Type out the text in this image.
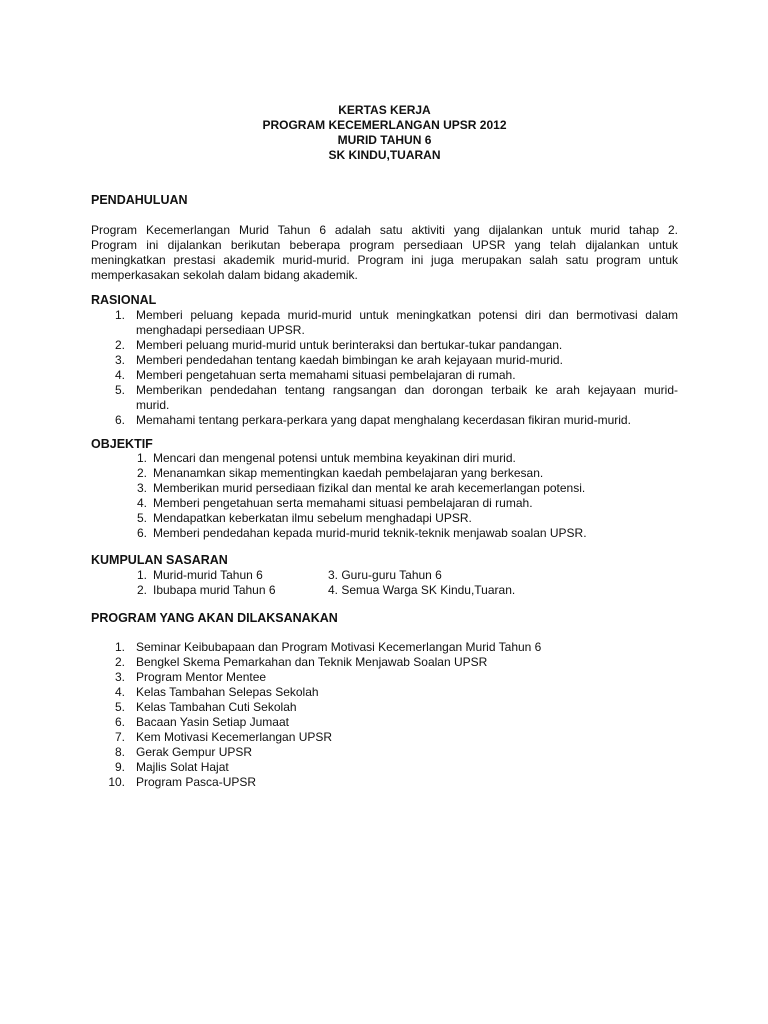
KERTAS KERJA
PROGRAM KECEMERLANGAN UPSR 2012
MURID TAHUN 6
SK KINDU,TUARAN
PENDAHULUAN
Program Kecemerlangan Murid Tahun 6 adalah satu aktiviti yang dijalankan untuk murid tahap 2.
Program ini dijalankan berikutan beberapa program persediaan UPSR yang telah dijalankan untuk
meningkatkan prestasi akademik murid-murid. Program ini juga merupakan salah satu program untuk
memperkasakan sekolah dalam bidang akademik.
RASIONAL
1. Memberi peluang kepada murid-murid untuk meningkatkan potensi diri dan bermotivasi dalam
menghadapi persediaan UPSR.
2. Memberi peluang murid-murid untuk berinteraksi dan bertukar-tukar pandangan.
3. Memberi pendedahan tentang kaedah bimbingan ke arah kejayaan murid-murid.
4. Memberi pengetahuan serta memahami situasi pembelajaran di rumah.
5. Memberikan pendedahan tentang rangsangan dan dorongan terbaik ke arah kejayaan murid-
murid.
6. Memahami tentang perkara-perkara yang dapat menghalang kecerdasan fikiran murid-murid.
OBJEKTIF
1. Mencari dan mengenal potensi untuk membina keyakinan diri murid.
2. Menanamkan sikap mementingkan kaedah pembelajaran yang berkesan.
3. Memberikan murid persediaan fizikal dan mental ke arah kecemerlangan potensi.
4. Memberi pengetahuan serta memahami situasi pembelajaran di rumah.
5. Mendapatkan keberkatan ilmu sebelum menghadapi UPSR.
6. Memberi pendedahan kepada murid-murid teknik-teknik menjawab soalan UPSR.
KUMPULAN SASARAN
1. Murid-murid Tahun 6	3. Guru-guru Tahun 6
2. Ibubapa murid Tahun 6	4. Semua Warga SK Kindu,Tuaran.
PROGRAM YANG AKAN DILAKSANAKAN
1. Seminar Keibubapaan dan Program Motivasi Kecemerlangan Murid Tahun 6
2. Bengkel Skema Pemarkahan dan Teknik Menjawab Soalan UPSR
3. Program Mentor Mentee
4. Kelas Tambahan Selepas Sekolah
5. Kelas Tambahan Cuti Sekolah
6. Bacaan Yasin Setiap Jumaat
7. Kem Motivasi Kecemerlangan UPSR
8. Gerak Gempur UPSR
9. Majlis Solat Hajat
10. Program Pasca-UPSR
